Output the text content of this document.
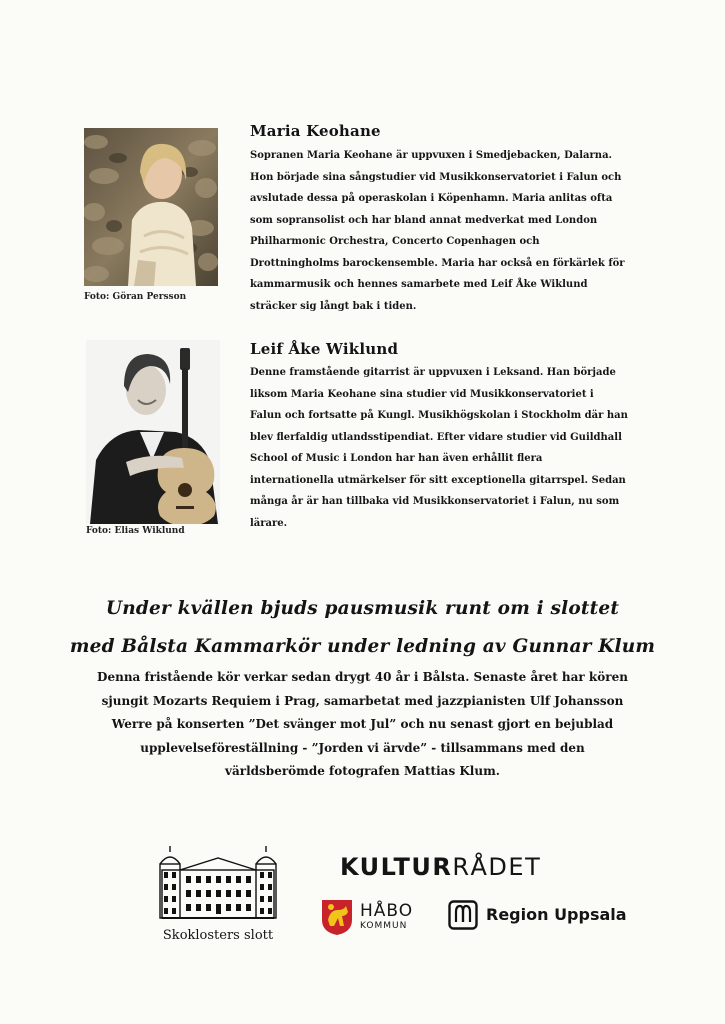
Foto: Göran Persson
Maria Keohane
Sopranen Maria Keohane är uppvuxen i Smedjebacken, Dalarna.
Hon började sina sångstudier vid Musikkonservatoriet i Falun och
avslutade dessa på operaskolan i Köpenhamn. Maria anlitas ofta
som sopransolist och har bland annat medverkat med London
Philharmonic Orchestra, Concerto Copenhagen och
Drottningholms barockensemble. Maria har också en förkärlek för
kammarmusik och hennes samarbete med Leif Åke Wiklund
sträcker sig långt bak i tiden.
Foto: Elias Wiklund
Leif Åke Wiklund
Denne framstående gitarrist är uppvuxen i Leksand. Han började
liksom Maria Keohane sina studier vid Musikkonservatoriet i
Falun och fortsatte på Kungl. Musikhögskolan i Stockholm där han
blev flerfaldig utlandsstipendiat. Efter vidare studier vid Guildhall
School of Music i London har han även erhållit flera
internationella utmärkelser för sitt exceptionella gitarrspel. Sedan
många år är han tillbaka vid Musikkonservatoriet i Falun, nu som
lärare.
Under kvällen bjuds pausmusik runt om i slottet
med Bålsta Kammarkör under ledning av Gunnar Klum
Denna fristående kör verkar sedan drygt 40 år i Bålsta. Senaste året har kören
sjungit Mozarts Requiem i Prag, samarbetat med jazzpianisten Ulf Johansson
Werre på konserten ”Det svänger mot Jul” och nu senast gjort en bejublad
upplevelseföreställning - ”Jorden vi ärvde” - tillsammans med den
världsberömde fotografen Mattias Klum.
Skoklosters slott
KULTURRÅDET
HÅBO
KOMMUN
Region Uppsala
